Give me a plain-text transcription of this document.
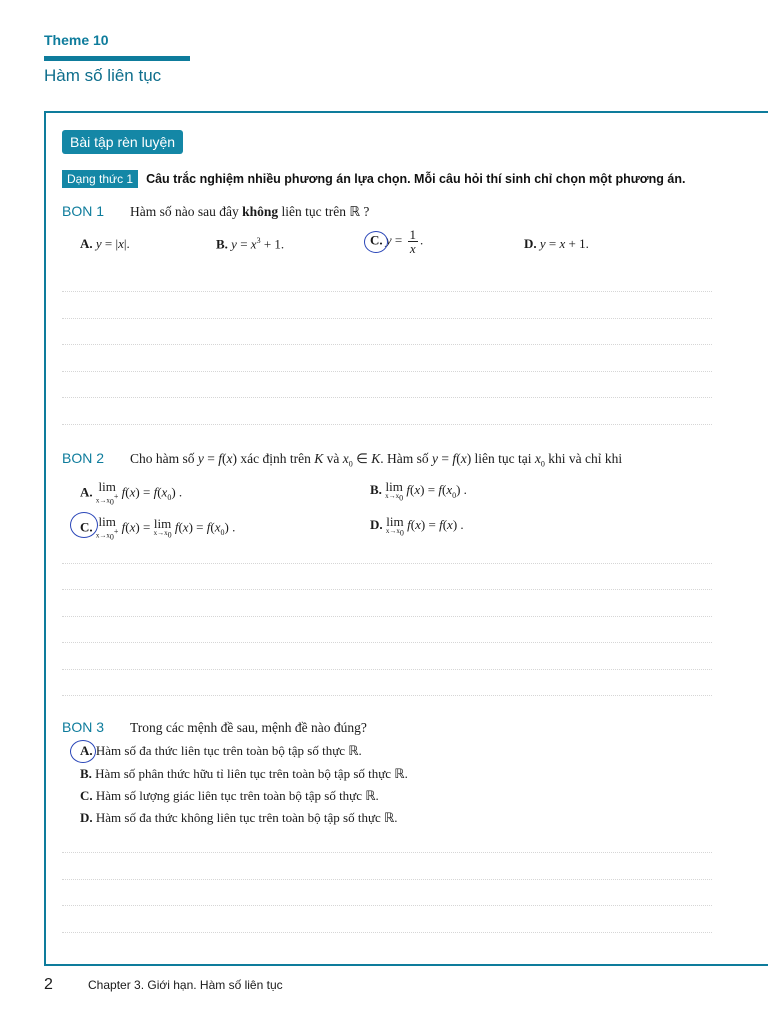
Theme 10
Hàm số liên tục
Bài tập rèn luyện
Dạng thức 1	Câu trắc nghiệm nhiều phương án lựa chọn. Mỗi câu hỏi thí sinh chỉ chọn một phương án.
BON 1 Hàm số nào sau đây không liên tục trên ℝ ?
A. y = |x|.	B. $y = x^3 + 1$.	C. $y = \frac{1}{x}$ .	D. y = x + 1.
BON 2 Cho hàm số y = f(x) xác định trên K và $x_0$ ∈ K. Hàm số y = f(x) liên tục tại $x_0$ khi và chỉ khi
A. lim
$x\to x_0^+$ $f(x) = f(x_0)$ .	B. lim
$x\to x_0$
$f(x) = f(x_0)$ .
C. lim
$x\to x_0^+$ f(x) = lim
$x\to x_0$
$f(x) = f(x_0)$ .	D. lim
$x\to x_0$
f(x) = f(x) .
BON 3 Trong các mệnh đề sau, mệnh đề nào đúng?
A. Hàm số đa thức liên tục trên toàn bộ tập số thực ℝ.
B. Hàm số phân thức hữu tỉ liên tục trên toàn bộ tập số thực ℝ.
C. Hàm số lượng giác liên tục trên toàn bộ tập số thực ℝ.
D. Hàm số đa thức không liên tục trên toàn bộ tập số thực ℝ.
2	Chapter 3. Giới hạn. Hàm số liên tục
